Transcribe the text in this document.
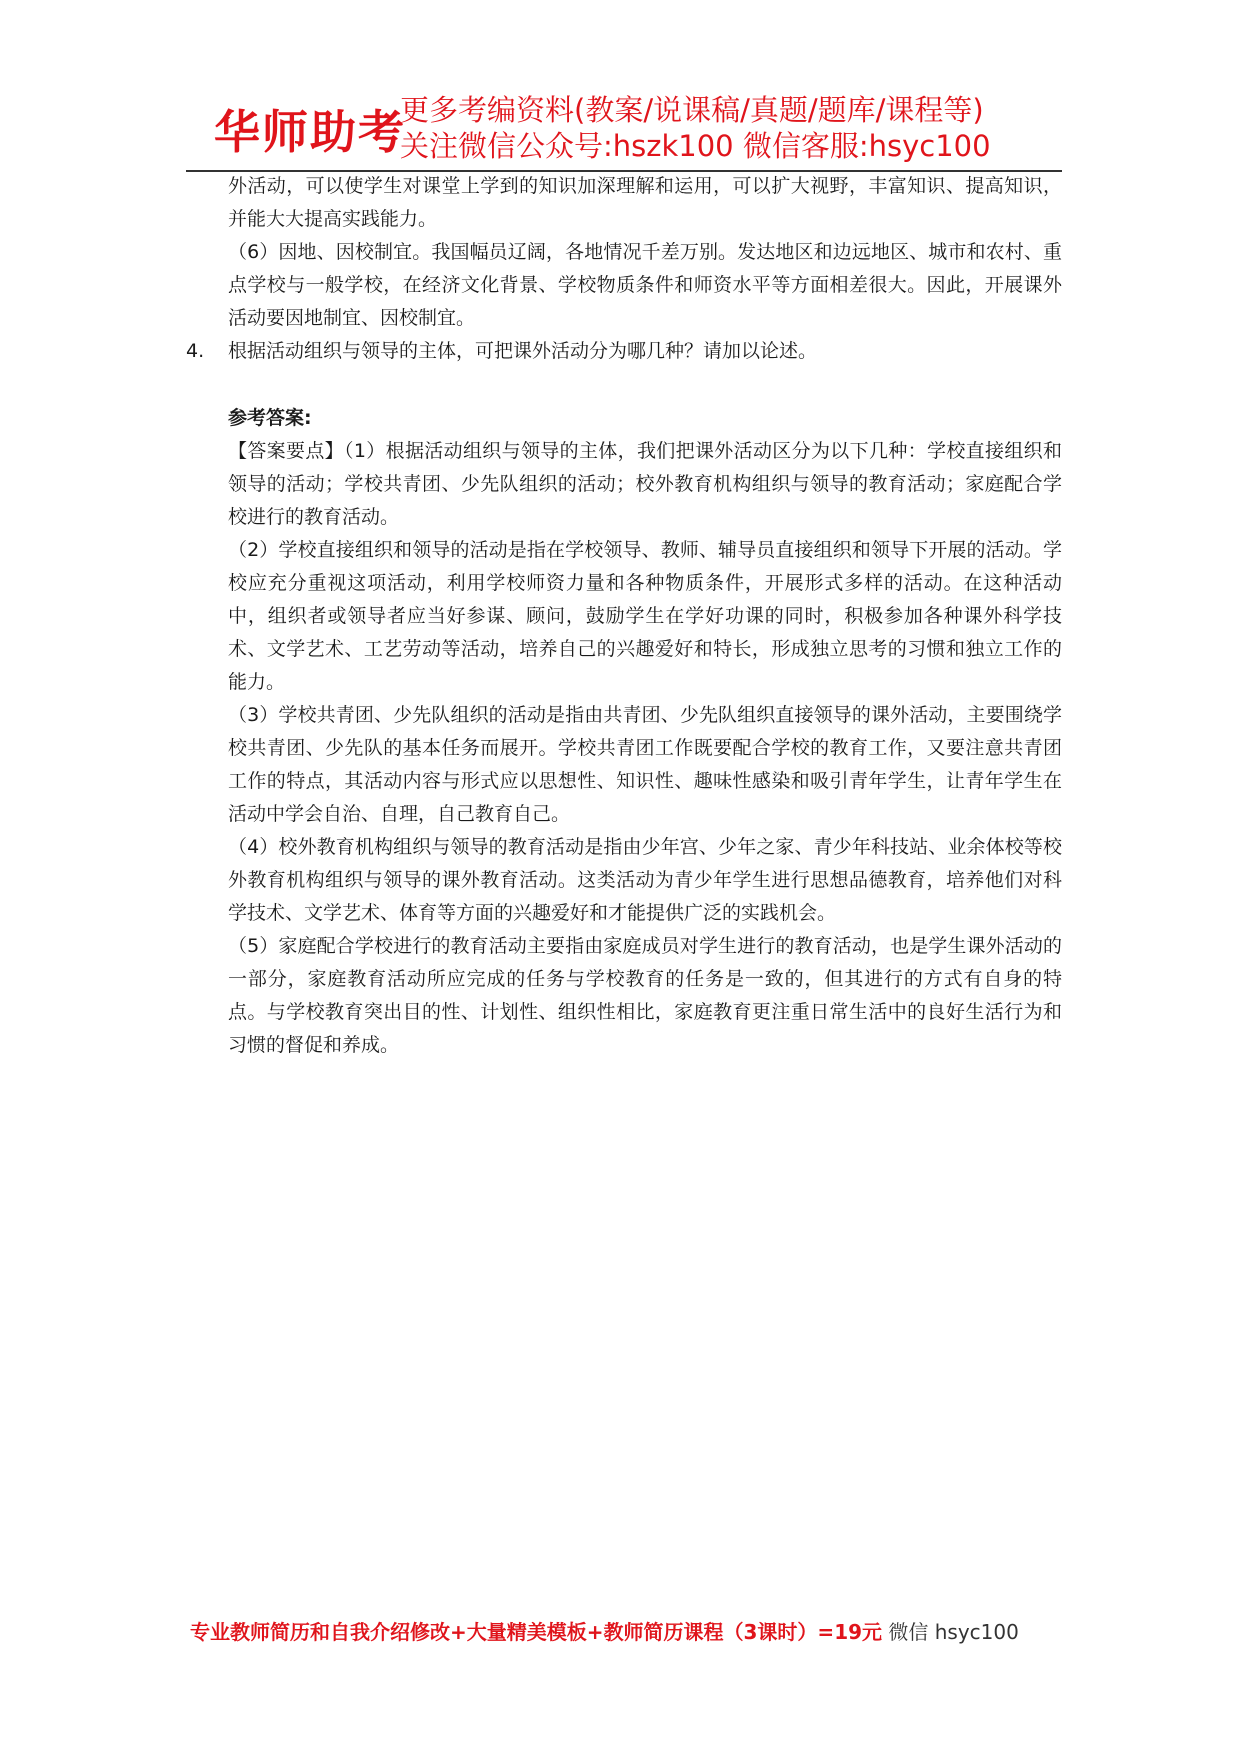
华师助考
更多考编资料(教案/说课稿/真题/题库/课程等)
关注微信公众号:hszk100 微信客服:hsyc100

外活动，可以使学生对课堂上学到的知识加深理解和运用，可以扩大视野，丰富知识、提高知识，并能大大提高实践能力。

（6）因地、因校制宜。我国幅员辽阔，各地情况千差万别。发达地区和边远地区、城市和农村、重点学校与一般学校，在经济文化背景、学校物质条件和师资水平等方面相差很大。因此，开展课外活动要因地制宜、因校制宜。

4.	根据活动组织与领导的主体，可把课外活动分为哪几种？请加以论述。

参考答案:

【答案要点】（1）根据活动组织与领导的主体，我们把课外活动区分为以下几种：学校直接组织和领导的活动；学校共青团、少先队组织的活动；校外教育机构组织与领导的教育活动；家庭配合学校进行的教育活动。

（2）学校直接组织和领导的活动是指在学校领导、教师、辅导员直接组织和领导下开展的活动。学校应充分重视这项活动，利用学校师资力量和各种物质条件，开展形式多样的活动。在这种活动中，组织者或领导者应当好参谋、顾问，鼓励学生在学好功课的同时，积极参加各种课外科学技术、文学艺术、工艺劳动等活动，培养自己的兴趣爱好和特长，形成独立思考的习惯和独立工作的能力。

（3）学校共青团、少先队组织的活动是指由共青团、少先队组织直接领导的课外活动，主要围绕学校共青团、少先队的基本任务而展开。学校共青团工作既要配合学校的教育工作，又要注意共青团工作的特点，其活动内容与形式应以思想性、知识性、趣味性感染和吸引青年学生，让青年学生在活动中学会自治、自理，自己教育自己。

（4）校外教育机构组织与领导的教育活动是指由少年宫、少年之家、青少年科技站、业余体校等校外教育机构组织与领导的课外教育活动。这类活动为青少年学生进行思想品德教育，培养他们对科学技术、文学艺术、体育等方面的兴趣爱好和才能提供广泛的实践机会。

（5）家庭配合学校进行的教育活动主要指由家庭成员对学生进行的教育活动，也是学生课外活动的一部分，家庭教育活动所应完成的任务与学校教育的任务是一致的，但其进行的方式有自身的特点。与学校教育突出目的性、计划性、组织性相比，家庭教育更注重日常生活中的良好生活行为和习惯的督促和养成。

专业教师简历和自我介绍修改+大量精美模板+教师简历课程（3课时）=19元 微信 hsyc100
